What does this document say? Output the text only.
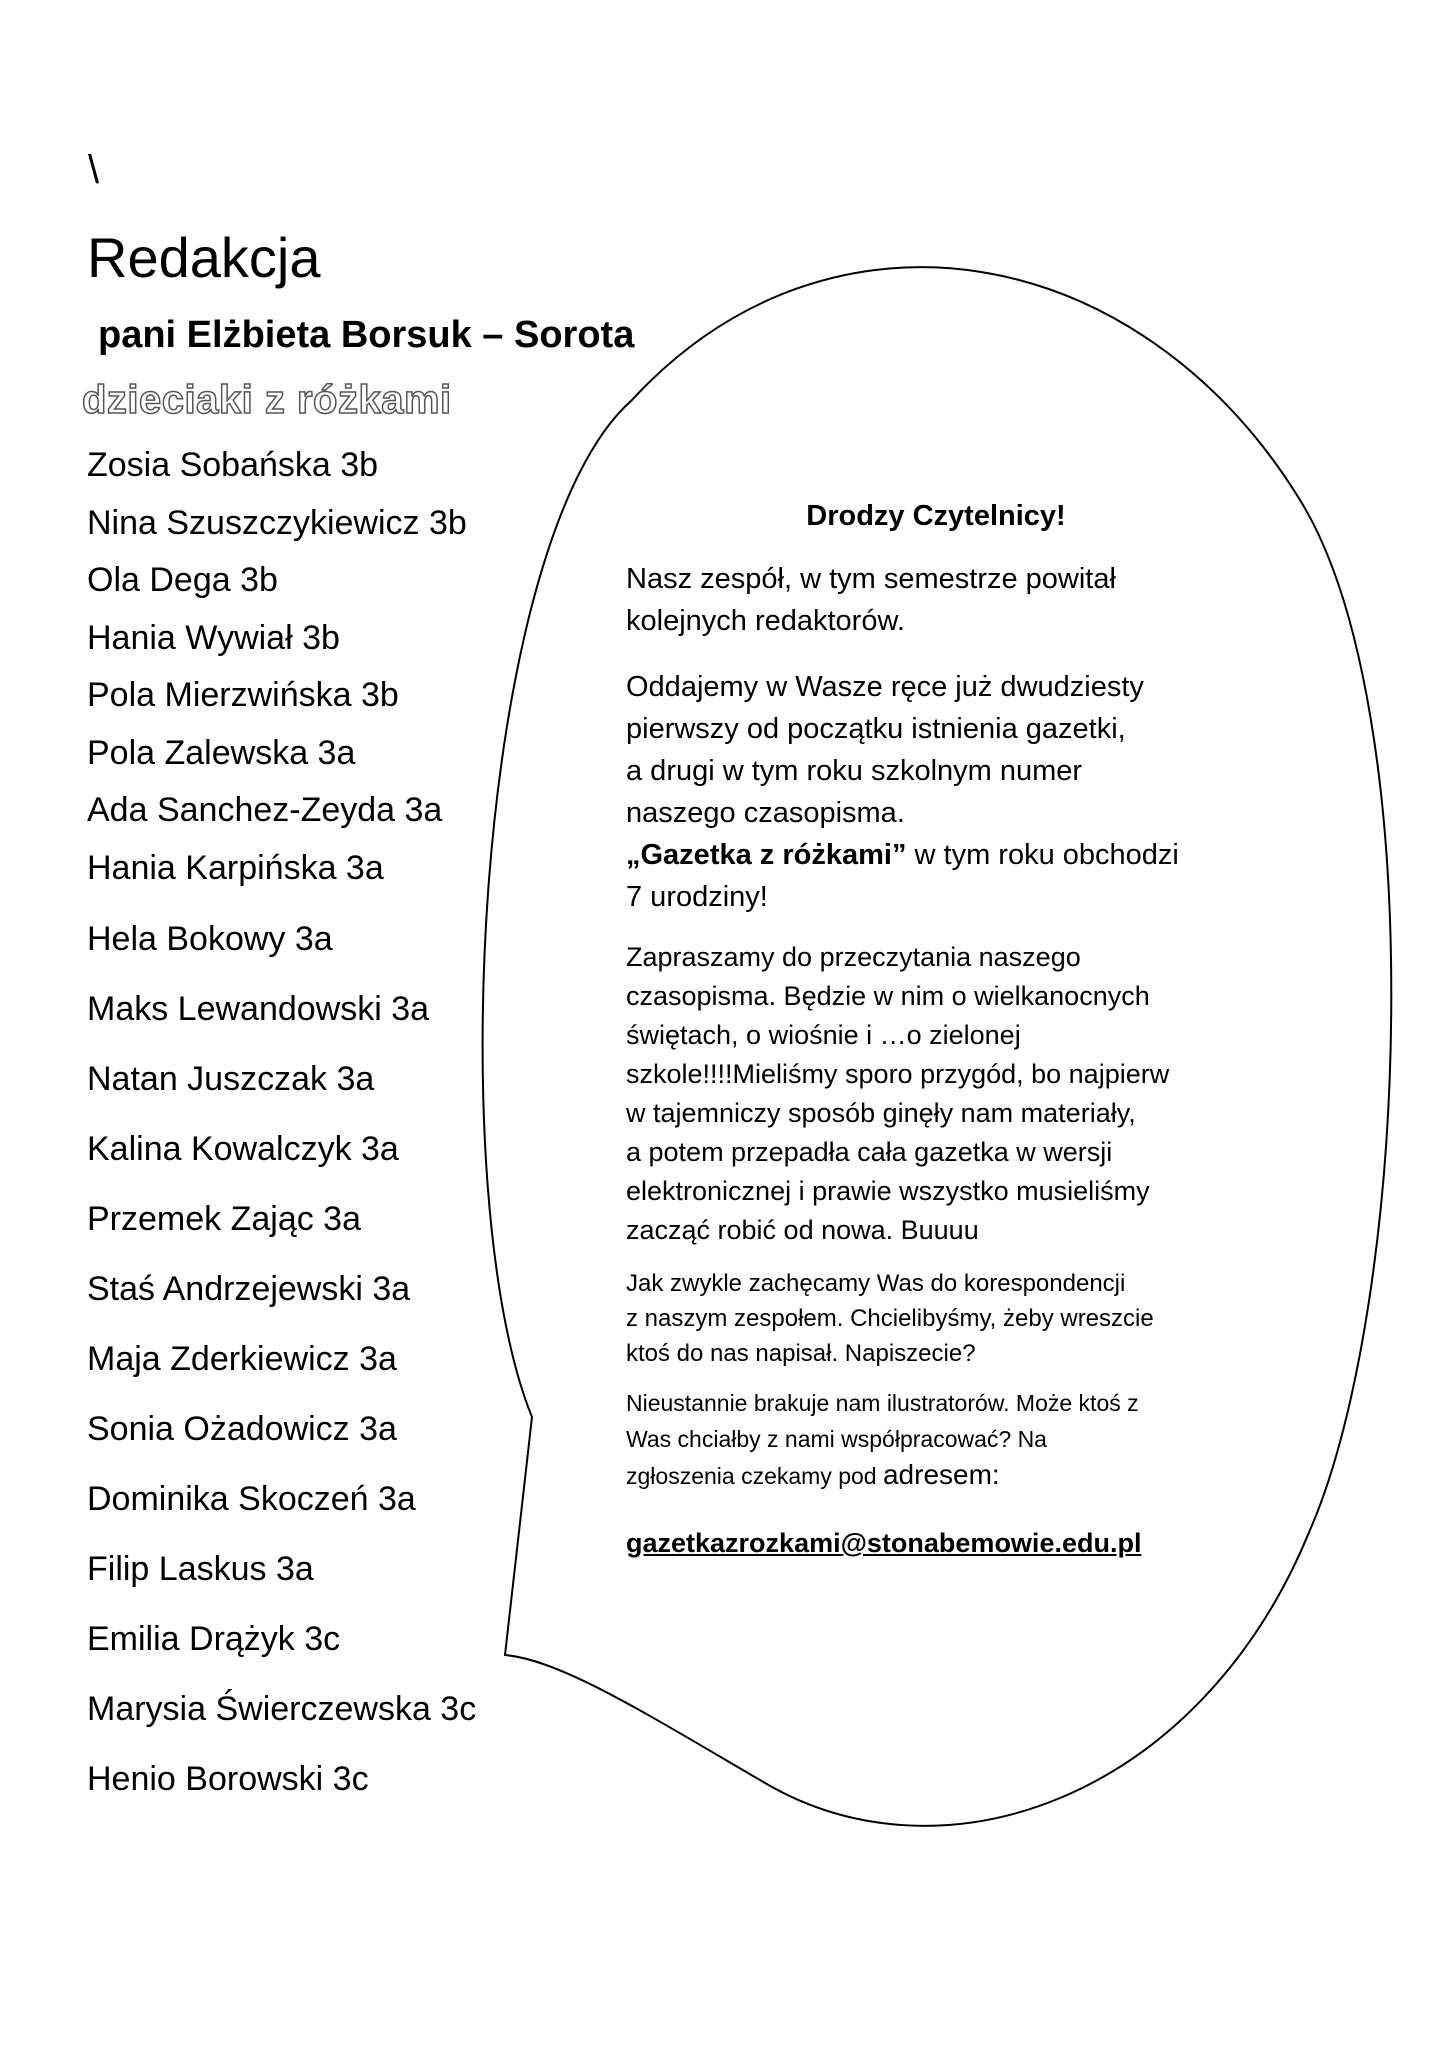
\
Redakcja
pani Elżbieta Borsuk – Sorota
dzieciaki z różkami
Zosia Sobańska 3b
Nina Szuszczykiewicz 3b
Ola Dega 3b
Hania Wywiał 3b
Pola Mierzwińska 3b
Pola Zalewska 3a
Ada Sanchez-Zeyda 3a
Hania Karpińska 3a
Hela Bokowy 3a
Maks Lewandowski 3a
Natan Juszczak 3a
Kalina Kowalczyk 3a
Przemek Zając 3a
Staś Andrzejewski 3a
Maja Zderkiewicz 3a
Sonia Ożadowicz 3a
Dominika Skoczeń 3a
Filip Laskus 3a
Emilia Drążyk 3c
Marysia Świerczewska 3c
Henio Borowski 3c

Drodzy Czytelnicy!

Nasz zespół, w tym semestrze powitał
kolejnych redaktorów.

Oddajemy w Wasze ręce już dwudziesty
pierwszy od początku istnienia gazetki,
a drugi w tym roku szkolnym numer
naszego czasopisma.
„Gazetka z różkami” w tym roku obchodzi
7 urodziny!

Zapraszamy do przeczytania naszego
czasopisma. Będzie w nim o wielkanocnych
świętach, o wiośnie i …o zielonej
szkole!!!!Mieliśmy sporo przygód, bo najpierw
w tajemniczy sposób ginęły nam materiały,
a potem przepadła cała gazetka w wersji
elektronicznej i prawie wszystko musieliśmy
zacząć robić od nowa. Buuuu

Jak zwykle zachęcamy Was do korespondencji
z naszym zespołem. Chcielibyśmy, żeby wreszcie
ktoś do nas napisał. Napiszecie?

Nieustannie brakuje nam ilustratorów. Może ktoś z
Was chciałby z nami współpracować? Na
zgłoszenia czekamy pod adresem:

gazetkazrozkami@stonabemowie.edu.pl
